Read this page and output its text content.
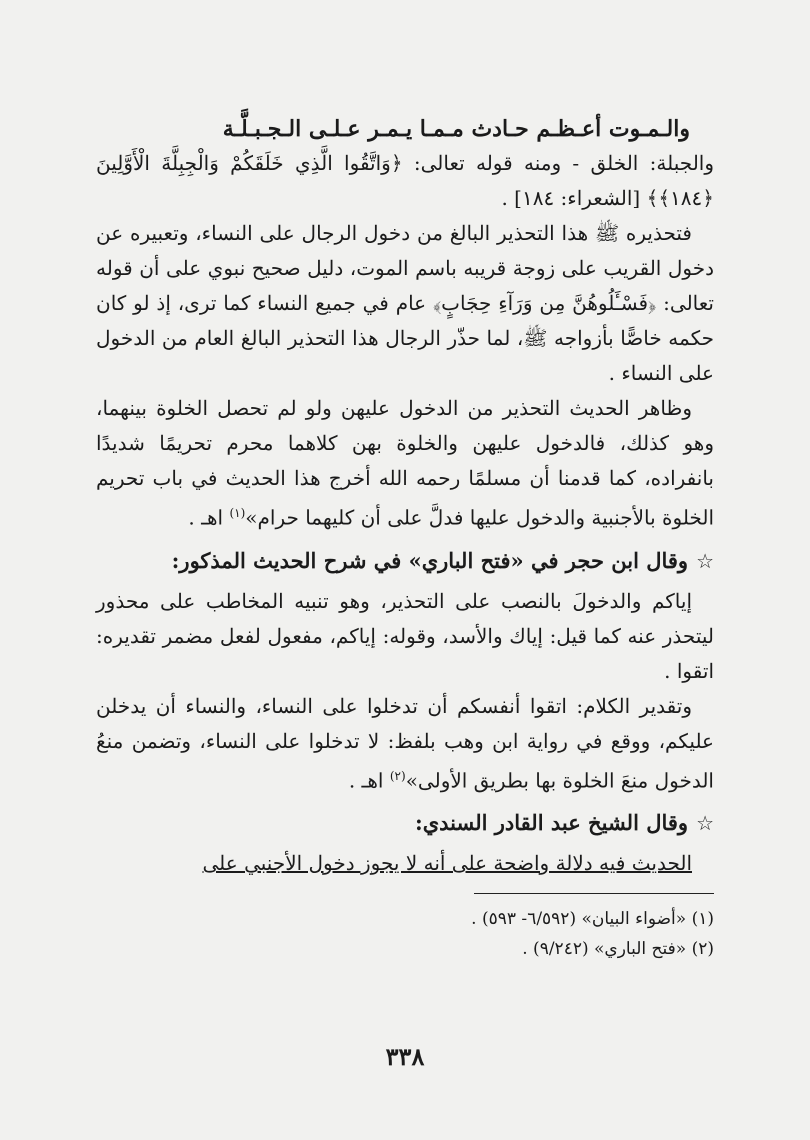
والـمـوت أعـظـم حـادث مـمـا يـمـر عـلـى الـجـبـلَّـة

والجبلة: الخلق - ومنه قوله تعالى: ﴿وَاتَّقُوا الَّذِي خَلَقَكُمْ وَالْجِبِلَّةَ الْأَوَّلِينَ ﴿١٨٤﴾﴾ [الشعراء: ١٨٤] .

فتحذيره ﷺ هذا التحذير البالغ من دخول الرجال على النساء، وتعبيره عن دخول القريب على زوجة قريبه باسم الموت، دليل صحيح نبوي على أن قوله تعالى: ﴿فَسْـَٔلُوهُنَّ مِن وَرَآءِ حِجَابٍ﴾ عام في جميع النساء كما ترى، إذ لو كان حكمه خاصًّا بأزواجه ﷺ، لما حذّر الرجال هذا التحذير البالغ العام من الدخول على النساء .

وظاهر الحديث التحذير من الدخول عليهن ولو لم تحصل الخلوة بينهما، وهو كذلك، فالدخول عليهن والخلوة بهن كلاهما محرم تحريمًا شديدًا بانفراده، كما قدمنا أن مسلمًا رحمه الله أخرج هذا الحديث في باب تحريم الخلوة بالأجنبية والدخول عليها فدلَّ على أن كليهما حرام»$^{(١)}$ اهـ .

☆
وقال ابن حجر في «فتح الباري» في شرح الحديث المذكور:

إياكم والدخولَ بالنصب على التحذير، وهو تنبيه المخاطب على محذور ليتحذر عنه كما قيل: إياك والأسد، وقوله: إياكم، مفعول لفعل مضمر تقديره: اتقوا .

وتقدير الكلام: اتقوا أنفسكم أن تدخلوا على النساء، والنساء أن يدخلن عليكم، ووقع في رواية ابن وهب بلفظ: لا تدخلوا على النساء، وتضمن منعُ الدخول منعَ الخلوة بها بطريق الأولى»$^{(٢)}$ اهـ .

☆
وقال الشيخ عبد القادر السندي:

الحديث فيه دلالة واضحة على أنه لا يجوز دخول الأجنبي على

(١) «أضواء البيان» (٦/٥٩٢- ٥٩٣) .

(٢) «فتح الباري» (٩/٢٤٢) .

٣٣٨
